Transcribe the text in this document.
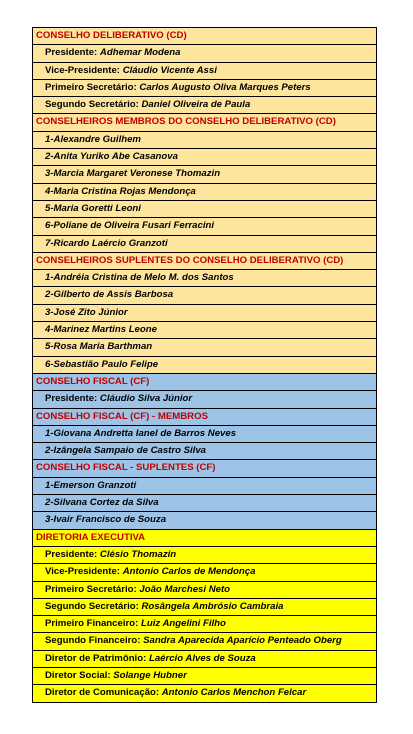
CONSELHO DELIBERATIVO (CD)
Presidente: Adhemar Modena
Vice-Presidente: Cláudio Vicente Assi
Primeiro Secretário: Carlos Augusto Oliva Marques Peters
Segundo Secretário: Daniel Oliveira de Paula
CONSELHEIROS MEMBROS DO CONSELHO DELIBERATIVO (CD)
1-Alexandre Guilhem
2-Anita Yuriko Abe Casanova
3-Marcia Margaret Veronese Thomazin
4-Maria Cristina Rojas Mendonça
5-Maria Goretti Leoni
6-Poliane de Oliveira Fusari Ferracini
7-Ricardo Laércio Granzoti
CONSELHEIROS SUPLENTES DO CONSELHO DELIBERATIVO (CD)
1-Andréia Cristina de Melo M. dos Santos
2-Gilberto de Assis Barbosa
3-José Zito Júnior
4-Marinez Martins Leone
5-Rosa Maria Barthman
6-Sebastião Paulo Felipe
CONSELHO FISCAL (CF)
Presidente: Cláudio Silva Júnior
CONSELHO FISCAL (CF) - MEMBROS
1-Giovana Andretta Ianel de Barros Neves
2-Izângela Sampaio de Castro Silva
CONSELHO FISCAL - SUPLENTES (CF)
1-Emerson Granzoti
2-Silvana Cortez da Silva
3-Ivair Francisco de Souza
DIRETORIA EXECUTIVA
Presidente: Clésio Thomazin
Vice-Presidente: Antonio Carlos de Mendonça
Primeiro Secretário: João Marchesi Neto
Segundo Secretário: Rosângela Ambrósio Cambraia
Primeiro Financeiro: Luiz Angelini Filho
Segundo Financeiro: Sandra Aparecida Aparício Penteado Oberg
Diretor de Patrimônio: Laércio Alves de Souza
Diretor Social: Solange Hubner
Diretor de Comunicação: Antonio Carlos Menchon Felcar
